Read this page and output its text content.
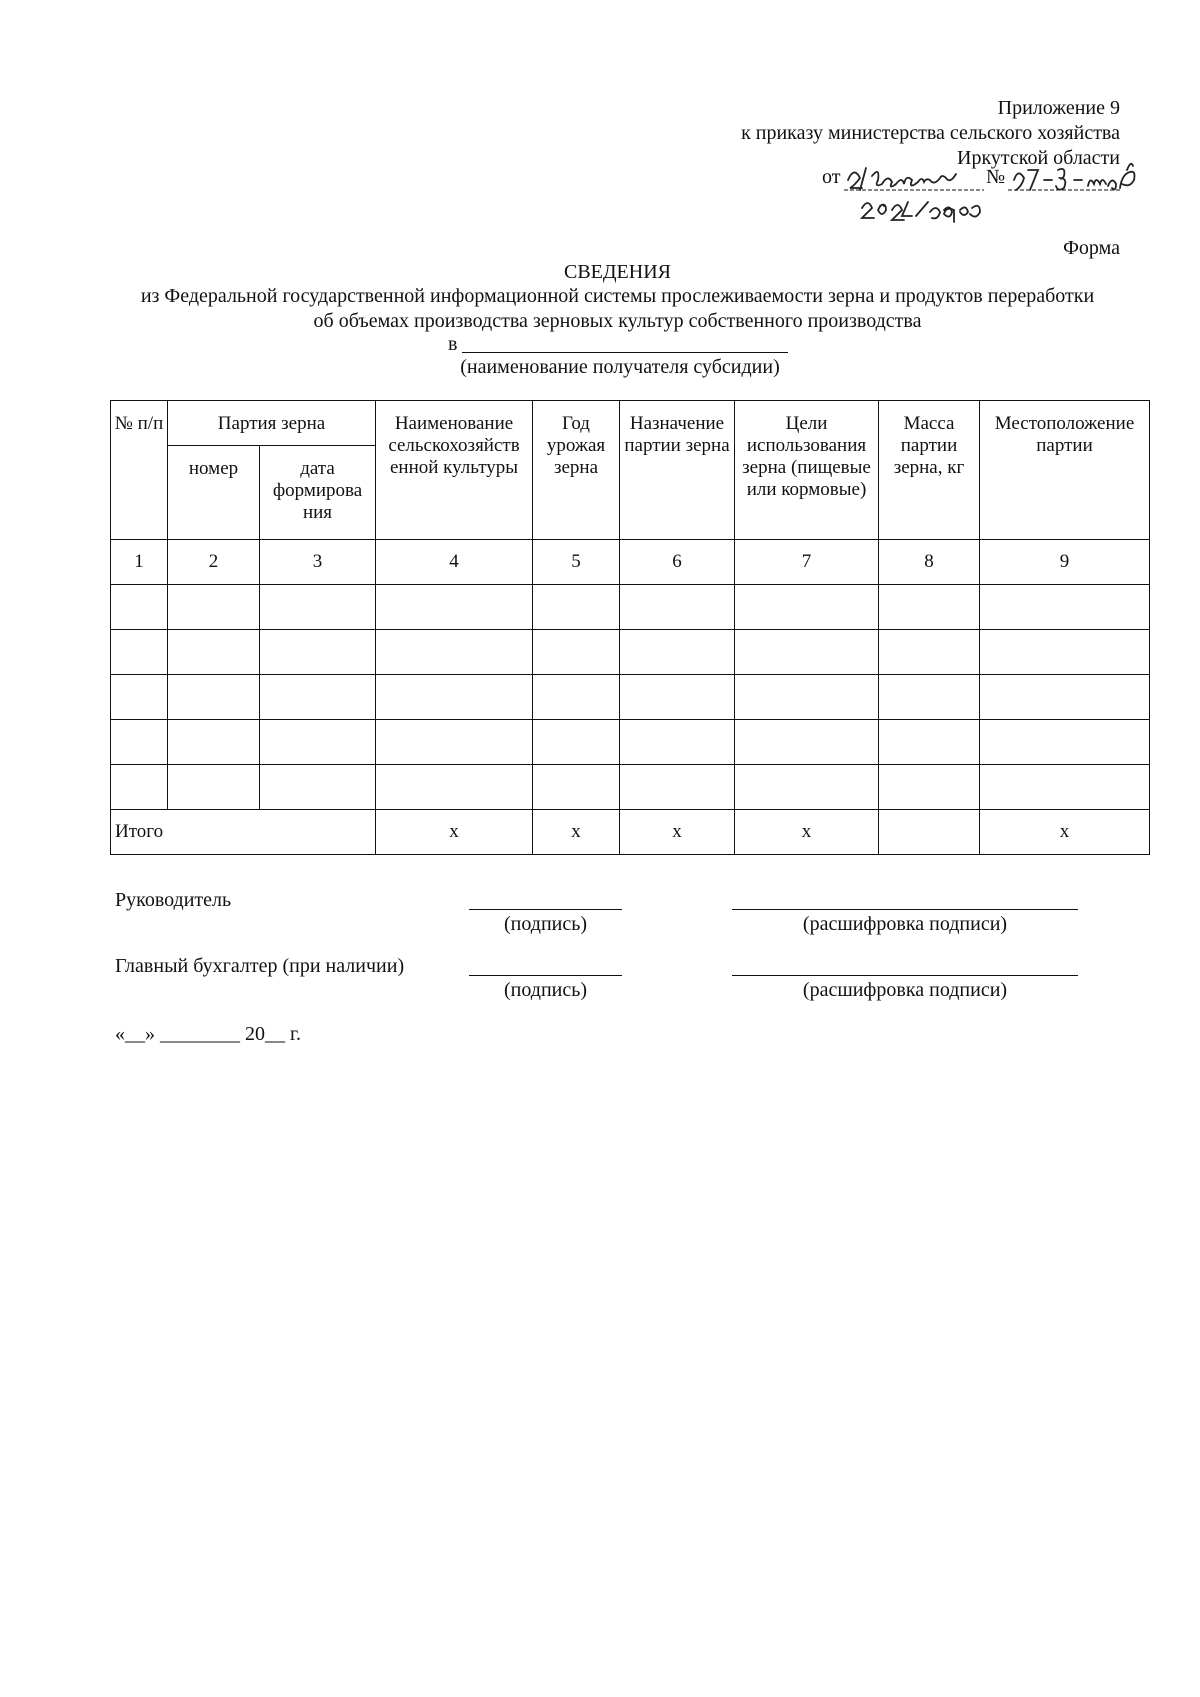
Приложение 9
к приказу министерства сельского хозяйства
Иркутской области
от	№
Форма
СВЕДЕНИЯ
из Федеральной государственной информационной системы прослеживаемости зерна и продуктов переработки
об объемах производства зерновых культур собственного производства
в
(наименование получателя субсидии)
№ п/п	Партия зерна		Наименование сельскохозяйств енной культуры	Год урожая зерна	Назначение партии зерна	Цели использования зерна (пищевые или кормовые)	Масса партии зерна, кг	Местоположение партии
	номер	дата формирова ния						
1	2	3	4	5	6	7	8	9

Итого			х	х	х	х		х
Руководитель
(подпись)	(расшифровка подписи)
Главный бухгалтер (при наличии)
(подпись)	(расшифровка подписи)
«__» ________ 20__ г.
